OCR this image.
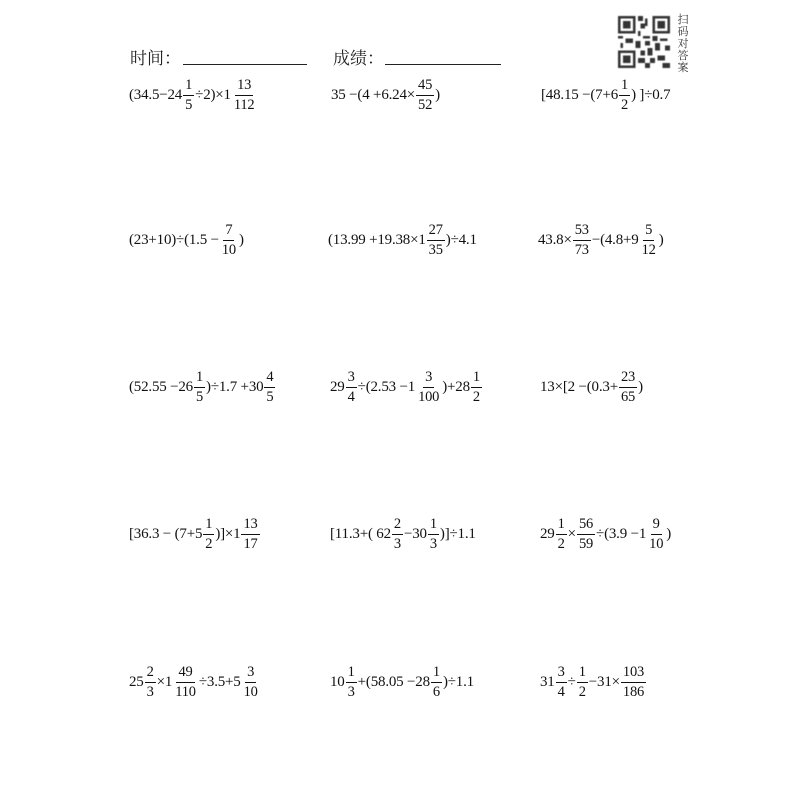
时间：	成绩：
扫
码
对
答
案
$(34.5-24 \frac{1}{5} \div 2)\times 1 \frac{13}{112}$	$35 -(4 +6.24\times \frac{45}{52}$ )	[$48.15 -(7+6 \frac{1}{2}$ ) ]÷0.7
$(23+10)\div(1.5 - \frac{7}{10}$ )	$(13.99 +19.38\times 1 \frac{27}{35} )\div 4.1$	$43.8\times \frac{53}{73} -(4.8+9 \frac{5}{12}$ )
$(52.55 -26 \frac{1}{5} )\div 1.7 +30 \frac{4}{5}$	$29 \frac{3}{4} \div(2.53 -1 \frac{3}{100} )+28 \frac{1}{2}$	$13\times[2 -(0.3+ \frac{23}{65}$ )
$[36.3 - (7+5 \frac{1}{2} )]\times 1 \frac{13}{17}$	[11.3+( $62 \frac{2}{3} -30 \frac{1}{3} )]\div 1.1$	$29 \frac{1}{2} \times \frac{56}{59} \div(3.9 -1 \frac{9}{10}$ )
$25 \frac{2}{3} \times 1 \frac{49}{110} \div 3.5+5 \frac{3}{10}$	$10 \frac{1}{3} +(58.05 -28 \frac{1}{6} )\div 1.1$	$31 \frac{3}{4} \div \frac{1}{2} -31\times \frac{103}{186}$
